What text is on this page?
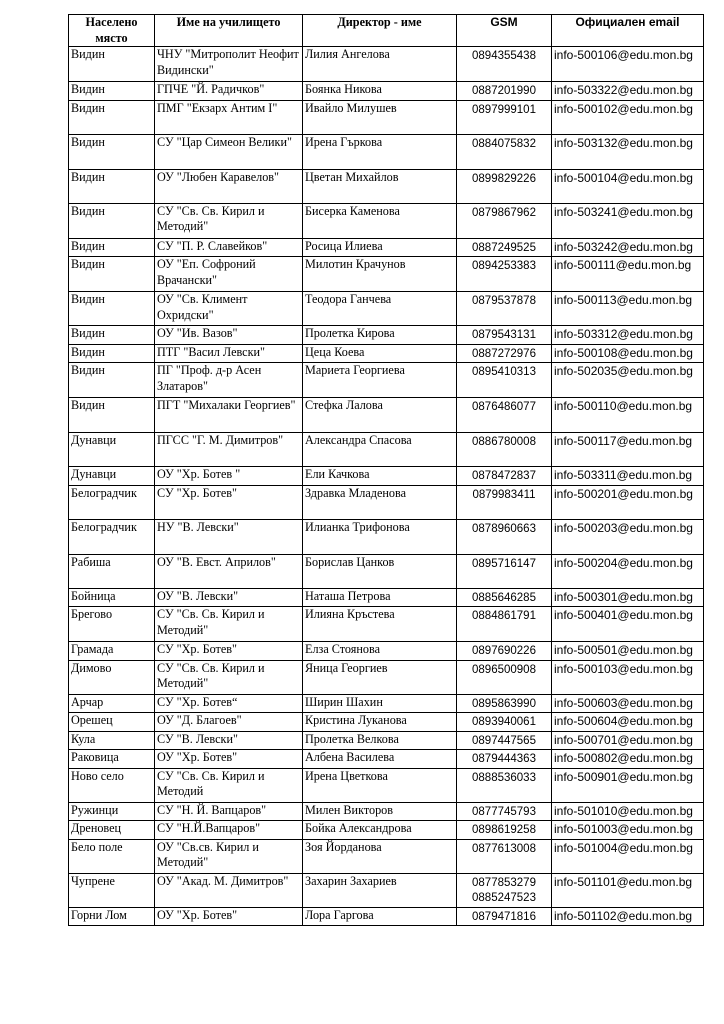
Населено място	Име на училището	Директор - име	GSM	Официален email
Видин	ЧНУ "Митрополит Неофит Видински"	Лилия Ангелова	0894355438	info-500106@edu.mon.bg
Видин	ГПЧЕ "Й. Радичков"	Боянка Никова	0887201990	info-503322@edu.mon.bg
Видин	ПМГ "Екзарх Антим I"	Ивайло Милушев	0897999101	info-500102@edu.mon.bg
Видин	СУ "Цар Симеон Велики"	Ирена Гъркова	0884075832	info-503132@edu.mon.bg
Видин	ОУ "Любен Каравелов"	Цветан Михайлов	0899829226	info-500104@edu.mon.bg
Видин	СУ "Св. Св. Кирил и Методий"	Бисерка Каменова	0879867962	info-503241@edu.mon.bg
Видин	СУ "П. Р. Славейков"	Росица Илиева	0887249525	info-503242@edu.mon.bg
Видин	ОУ "Еп. Софроний Врачански"	Милотин Крачунов	0894253383	info-500111@edu.mon.bg
Видин	ОУ "Св. Климент Охридски"	Теодора Ганчева	0879537878	info-500113@edu.mon.bg
Видин	ОУ "Ив. Вазов"	Пролетка Кирова	0879543131	info-503312@edu.mon.bg
Видин	ПТГ "Васил Левски"	Цеца Коева	0887272976	info-500108@edu.mon.bg
Видин	ПГ "Проф. д-р Асен Златаров"	Мариета Георгиева	0895410313	info-502035@edu.mon.bg
Видин	ПГТ "Михалаки Георгиев"	Стефка Лалова	0876486077	info-500110@edu.mon.bg
Дунавци	ПГСС "Г. М. Димитров"	Александра Спасова	0886780008	info-500117@edu.mon.bg
Дунавци	ОУ "Хр. Ботев "	Ели Качкова	0878472837	info-503311@edu.mon.bg
Белоградчик	СУ "Хр. Ботев"	Здравка Младенова	0879983411	info-500201@edu.mon.bg
Белоградчик	НУ "В. Левски"	Илианка Трифонова	0878960663	info-500203@edu.mon.bg
Рабиша	ОУ "В. Евст. Априлов"	Борислав Цанков	0895716147	info-500204@edu.mon.bg
Бойница	ОУ "В. Левски"	Наташа Петрова	0885646285	info-500301@edu.mon.bg
Брегово	СУ "Св. Св. Кирил и Методий"	Илияна Кръстева	0884861791	info-500401@edu.mon.bg
Грамада	СУ "Хр. Ботев"	Елза Стоянова	0897690226	info-500501@edu.mon.bg
Димово	СУ "Св. Св. Кирил и Методий"	Яница Георгиев	0896500908	info-500103@edu.mon.bg
Арчар	СУ "Хр. Ботев“	Ширин Шахин	0895863990	info-500603@edu.mon.bg
Орешец	ОУ "Д. Благоев"	Кристина Луканова	0893940061	info-500604@edu.mon.bg
Кула	СУ "В. Левски"	Пролетка Велкова	0897447565	info-500701@edu.mon.bg
Раковица	ОУ "Хр. Ботев"	Албена Василева	0879444363	info-500802@edu.mon.bg
Ново село	СУ "Св. Св. Кирил и Методий	Ирена Цветкова	0888536033	info-500901@edu.mon.bg
Ружинци	СУ "Н. Й. Вапцаров"	Милен Викторов	0877745793	info-501010@edu.mon.bg
Дреновец	СУ "Н.Й.Вапцаров"	Бойка Александрова	0898619258	info-501003@edu.mon.bg
Бело поле	ОУ "Св.св. Кирил и Методий"	Зоя Йорданова	0877613008	info-501004@edu.mon.bg
Чупрене	ОУ "Акад. М. Димитров"	Захарин Захариев	0877853279 0885247523	info-501101@edu.mon.bg
Горни Лом	ОУ "Хр. Ботев"	Лора Гаргова	0879471816	info-501102@edu.mon.bg
